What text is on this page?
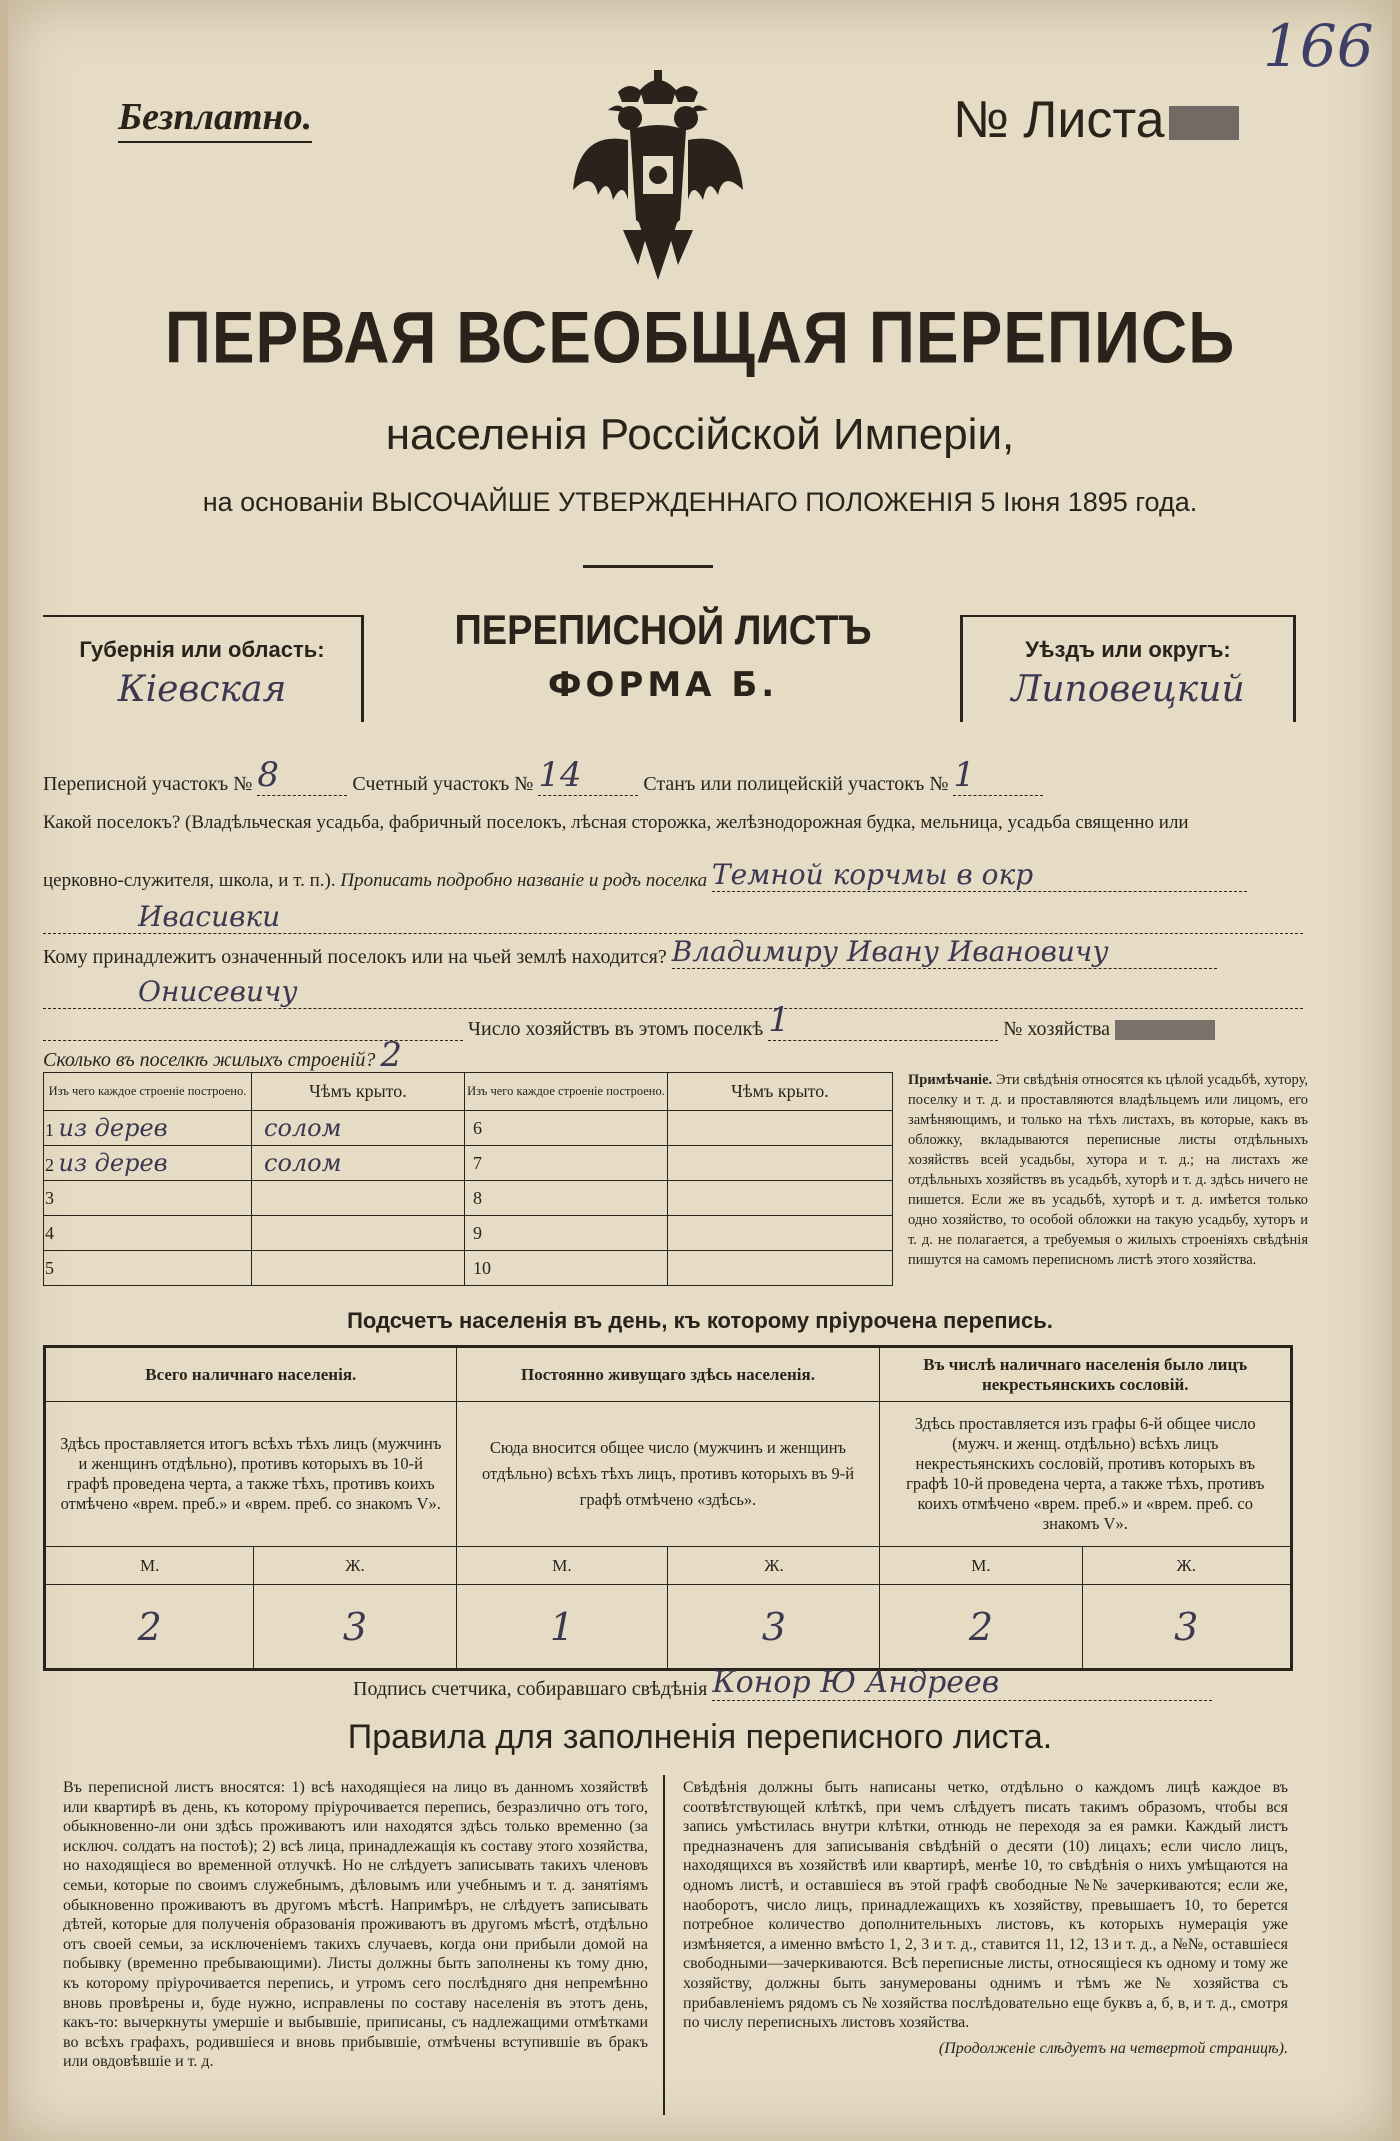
Безплатно.	№ Листа
166
ПЕРВАЯ ВСЕОБЩАЯ ПЕРЕПИСЬ
населенія Россійской Имперіи,
на основаніи ВЫСОЧАЙШЕ УТВЕРЖДЕННАГО ПОЛОЖЕНІЯ 5 Іюня 1895 года.
Губернія или область:
Кіевская
ПЕРЕПИСНОЙ ЛИСТЪ
ФОРМА Б.
Уѣздъ или округъ:
Липовецкий
Переписной участокъ № 8	Счетный участокъ № 14	Станъ или полицейскій участокъ № 1
Какой поселокъ? (Владѣльческая усадьба, фабричный поселокъ, лѣсная сторожка, желѣзнодорожная будка, мельница, усадьба священно или
церковно-служителя, школа, и т. п.). Прописать подробно названіе и родъ поселка Темной корчмы в окр
Ивасивки
Кому принадлежитъ означенный поселокъ или на чьей землѣ находится? Владимиру Ивану Ивановичу
Онисевичу
Число хозяйствъ въ этомъ поселкѣ 1	№ хозяйства
Сколько въ поселкѣ жилыхъ строеній? 2
Изъ чего каждое строеніе построено.	Чѣмъ крыто.	Изъ чего каждое строеніе построено.	Чѣмъ крыто.
1 из дерев	солом	6	
2 из дерев	солом	7	
3		8	
4		9	
5		10	
Примѣчаніе. Эти свѣдѣнія относятся къ цѣлой усадьбѣ, хутору, поселку и т. д. и проставляются владѣльцемъ или лицомъ, его замѣняющимъ, и только на тѣхъ листахъ, въ которые, какъ въ обложку, вкладываются переписные листы отдѣльныхъ хозяйствъ всей усадьбы, хутора и т. д.; на листахъ же отдѣльныхъ хозяйствъ въ усадьбѣ, хуторѣ и т. д. здѣсь ничего не пишется. Если же въ усадьбѣ, хуторѣ и т. д. имѣется только одно хозяйство, то особой обложки на такую усадьбу, хуторъ и т. д. не полагается, а требуемыя о жилыхъ строеніяхъ свѣдѣнія пишутся на самомъ переписномъ листѣ этого хозяйства.
Подсчетъ населенія въ день, къ которому пріурочена перепись.
Всего наличнаго населенія.		Постоянно живущаго здѣсь населенія.		Въ числѣ наличнаго населенія было лицъ некрестьянскихъ сословій.	
Здѣсь проставляется итогъ всѣхъ тѣхъ лицъ (мужчинъ и женщинъ отдѣльно), противъ которыхъ въ 10-й графѣ проведена черта, а также тѣхъ, противъ коихъ отмѣчено «врем. преб.» и «врем. преб. со знакомъ V».		Сюда вносится общее число (мужчинъ и женщинъ отдѣльно) всѣхъ тѣхъ лицъ, противъ которыхъ въ 9-й графѣ отмѣчено «здѣсь».		Здѣсь проставляется изъ графы 6-й общее число (мужч. и женщ. отдѣльно) всѣхъ лицъ некрестьянскихъ сословій, противъ которыхъ въ графѣ 10-й проведена черта, а также тѣхъ, противъ коихъ отмѣчено «врем. преб.» и «врем. преб. со знакомъ V».	
М.	Ж.	М.	Ж.	М.	Ж.
2	3	1	3	2	3
Подпись счетчика, собиравшаго свѣдѣнія Конор Ю Андреев
Правила для заполненія переписного листа.
Въ переписной листъ вносятся: 1) всѣ находящіеся на лицо въ данномъ хозяйствѣ или квартирѣ въ день, къ которому пріурочивается перепись, безразлично отъ того, обыкновенно-ли они здѣсь проживаютъ или находятся здѣсь только временно (за исключ. солдатъ на постоѣ); 2) всѣ лица, принадлежащія къ составу этого хозяйства, но находящіеся во временной отлучкѣ. Но не слѣдуетъ записывать такихъ членовъ семьи, которые по своимъ служебнымъ, дѣловымъ или учебнымъ и т. д. занятіямъ обыкновенно проживаютъ въ другомъ мѣстѣ. Напримѣръ, не слѣдуетъ записывать дѣтей, которые для полученія образованія проживаютъ въ другомъ мѣстѣ, отдѣльно отъ своей семьи, за исключеніемъ такихъ случаевъ, когда они прибыли домой на побывку (временно пребывающими). Листы должны быть заполнены къ тому дню, къ которому пріурочивается перепись, и утромъ сего послѣдняго дня непремѣнно вновь провѣрены и, буде нужно, исправлены по составу населенія въ этотъ день, какъ-то: вычеркнуты умершіе и выбывшіе, приписаны, съ надлежащими отмѣтками во всѣхъ графахъ, родившіеся и вновь прибывшіе, отмѣчены вступившіе въ бракъ или овдовѣвшіе и т. д.
Свѣдѣнія должны быть написаны четко, отдѣльно о каждомъ лицѣ каждое въ соотвѣтствующей клѣткѣ, при чемъ слѣдуетъ писать такимъ образомъ, чтобы вся запись умѣстилась внутри клѣтки, отнюдь не переходя за ея рамки. Каждый листъ предназначенъ для записыванія свѣдѣній о десяти (10) лицахъ; если число лицъ, находящихся въ хозяйствѣ или квартирѣ, менѣе 10, то свѣдѣнія о нихъ умѣщаются на одномъ листѣ, и оставшіеся въ этой графѣ свободные №№ зачеркиваются; если же, наоборотъ, число лицъ, принадлежащихъ къ хозяйству, превышаетъ 10, то берется потребное количество дополнительныхъ листовъ, къ которыхъ нумерація уже измѣняется, а именно вмѣсто 1, 2, 3 и т. д., ставится 11, 12, 13 и т. д., а №№, оставшіеся свободными—зачеркиваются. Всѣ переписные листы, относящіеся къ одному и тому же хозяйству, должны быть занумерованы однимъ и тѣмъ же № хозяйства съ прибавленіемъ рядомъ съ № хозяйства послѣдовательно еще буквъ а, б, в, и т. д., смотря по числу переписныхъ листовъ хозяйства.
(Продолженіе слѣдуетъ на четвертой страницѣ).
